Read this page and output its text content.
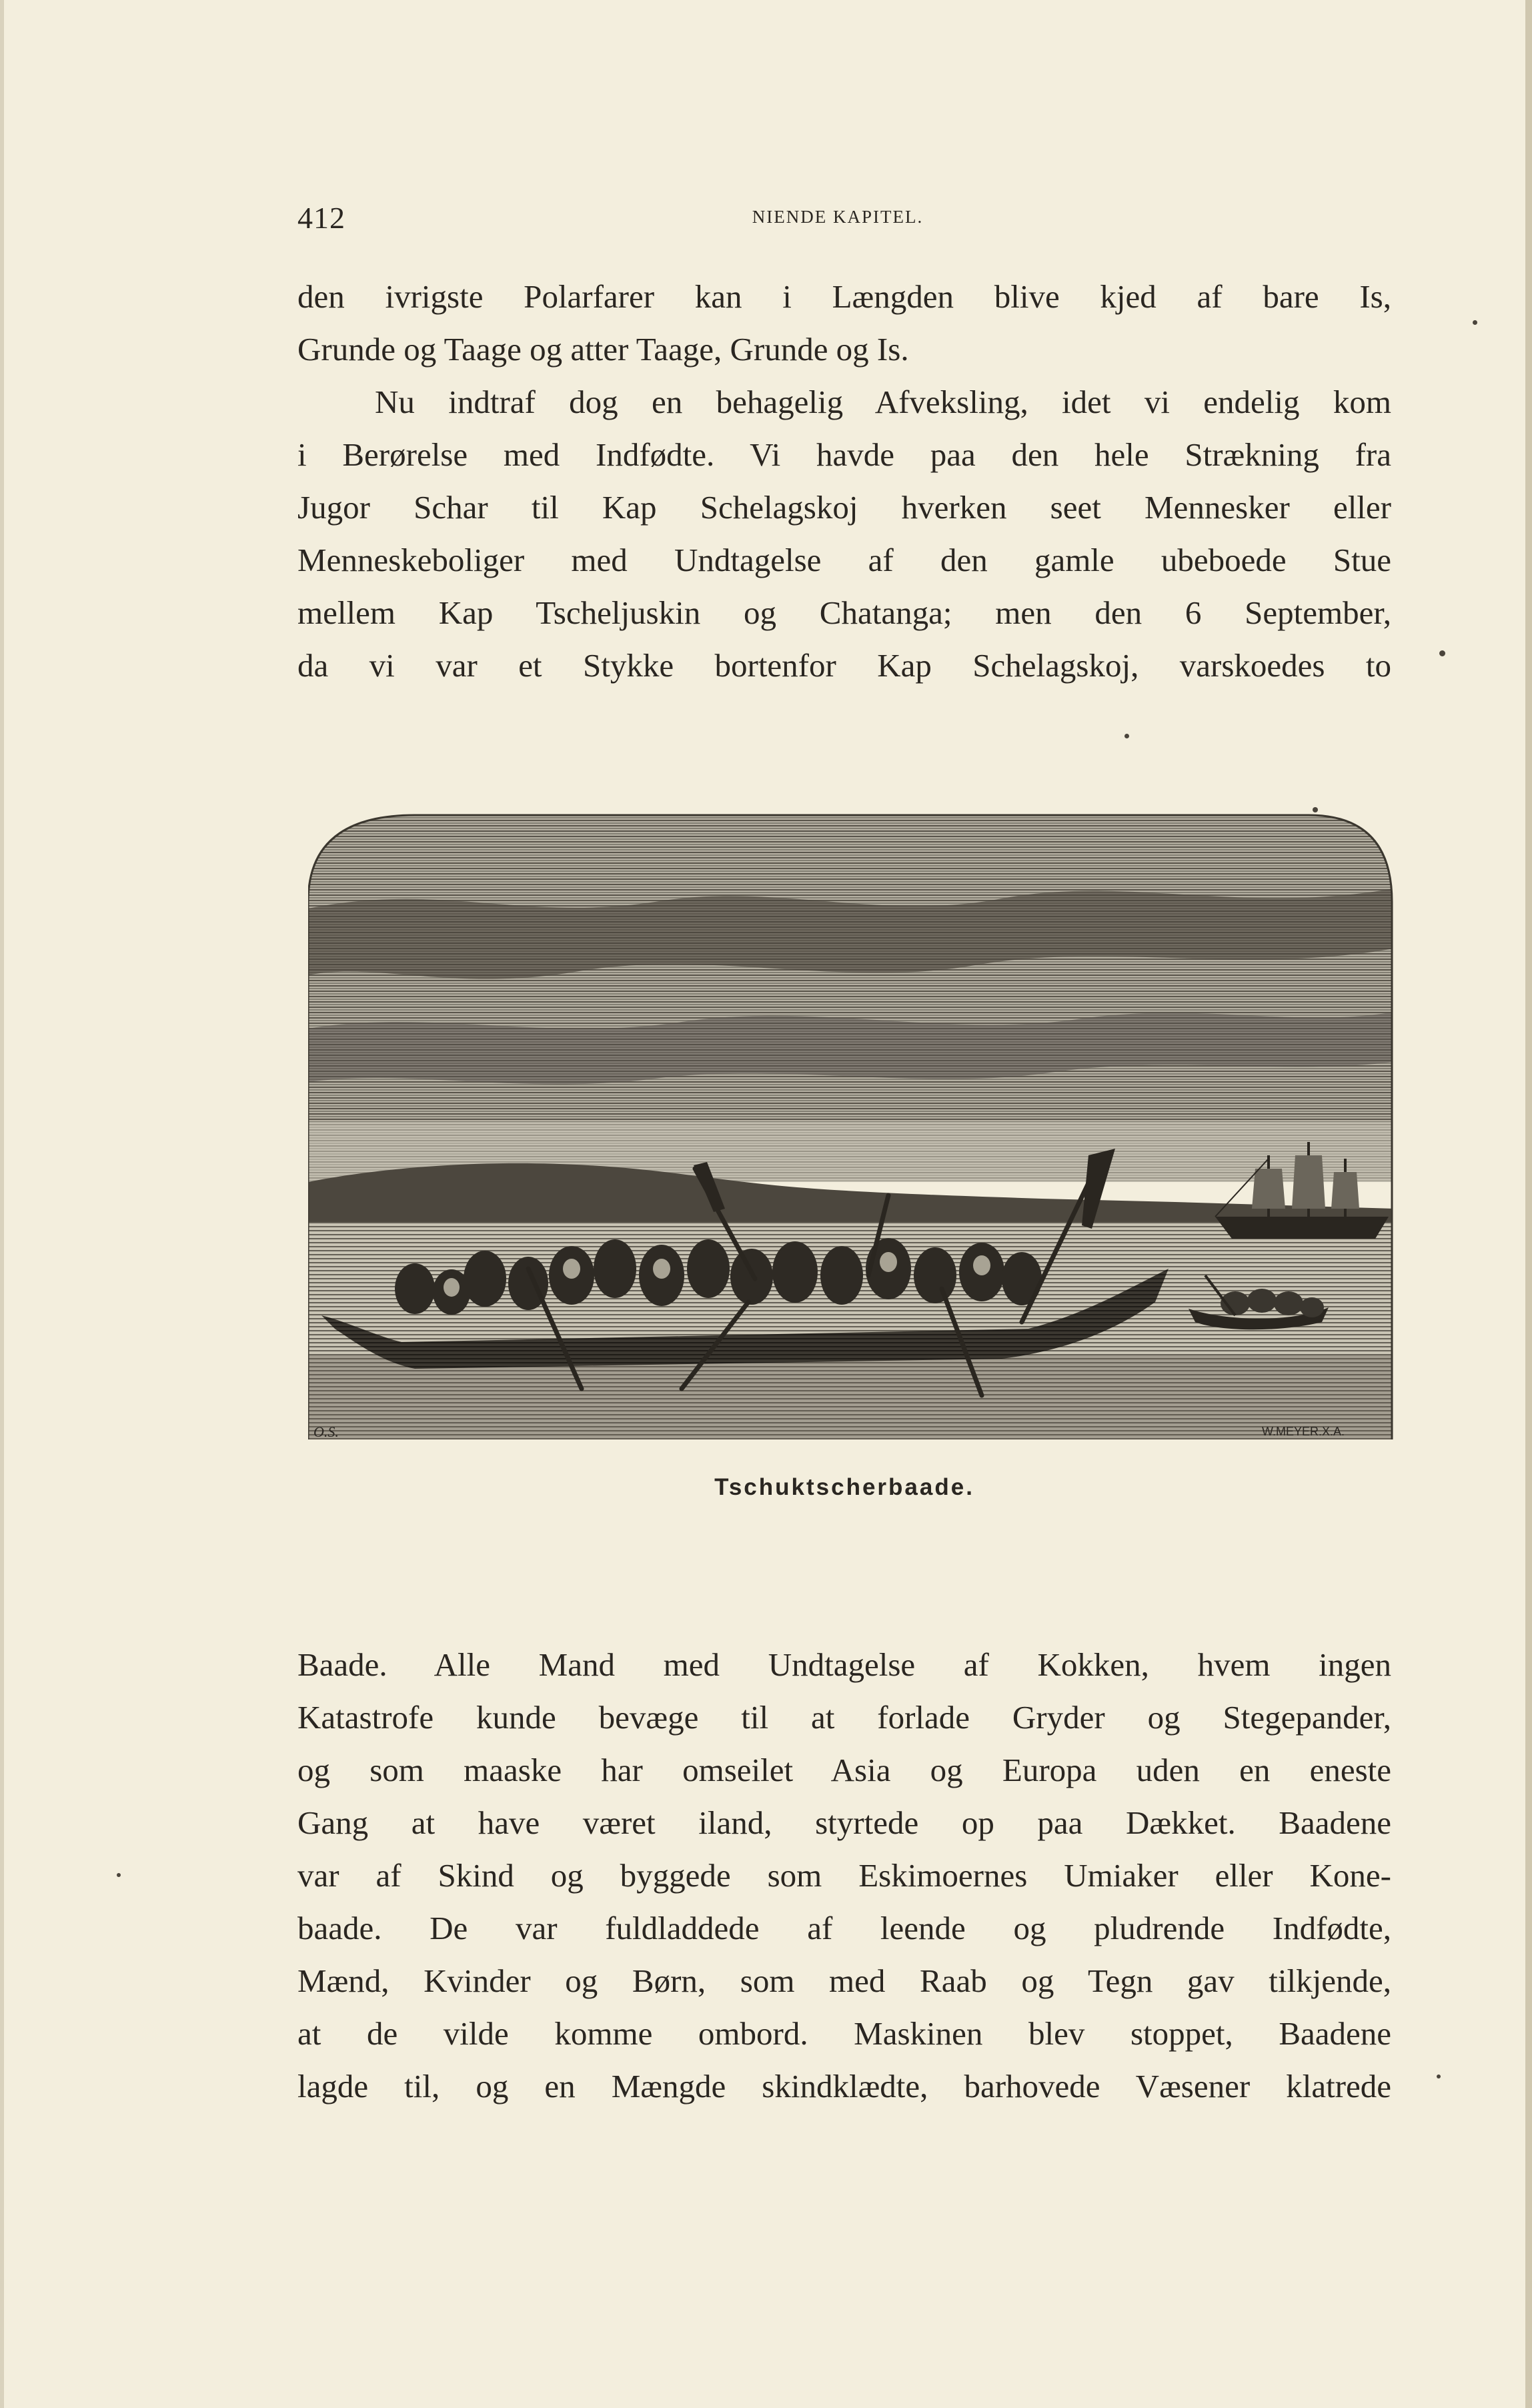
412	NIENDE KAPITEL.
den ivrigste Polarfarer kan i Længden blive kjed af bare Is,
Grunde og Taage og atter Taage, Grunde og Is.
Nu indtraf dog en behagelig Afveksling, idet vi endelig kom
i Berørelse med Indfødte. Vi havde paa den hele Strækning fra
Jugor Schar til Kap Schelagskoj hverken seet Mennesker eller
Menneskeboliger med Undtagelse af den gamle ubeboede Stue
mellem Kap Tscheljuskin og Chatanga; men den 6 September,
da vi var et Stykke bortenfor Kap Schelagskoj, varskoedes to
O.S.	W.MEYER.X.A.
Tschuktscherbaade.
Baade. Alle Mand med Undtagelse af Kokken, hvem ingen
Katastrofe kunde bevæge til at forlade Gryder og Stegepander,
og som maaske har omseilet Asia og Europa uden en eneste
Gang at have været iland, styrtede op paa Dækket. Baadene
var af Skind og byggede som Eskimoernes Umiaker eller Kone-
baade. De var fuldladdede af leende og pludrende Indfødte,
Mænd, Kvinder og Børn, som med Raab og Tegn gav tilkjende,
at de vilde komme ombord. Maskinen blev stoppet, Baadene
lagde til, og en Mængde skindklædte, barhovede Væsener klatrede
